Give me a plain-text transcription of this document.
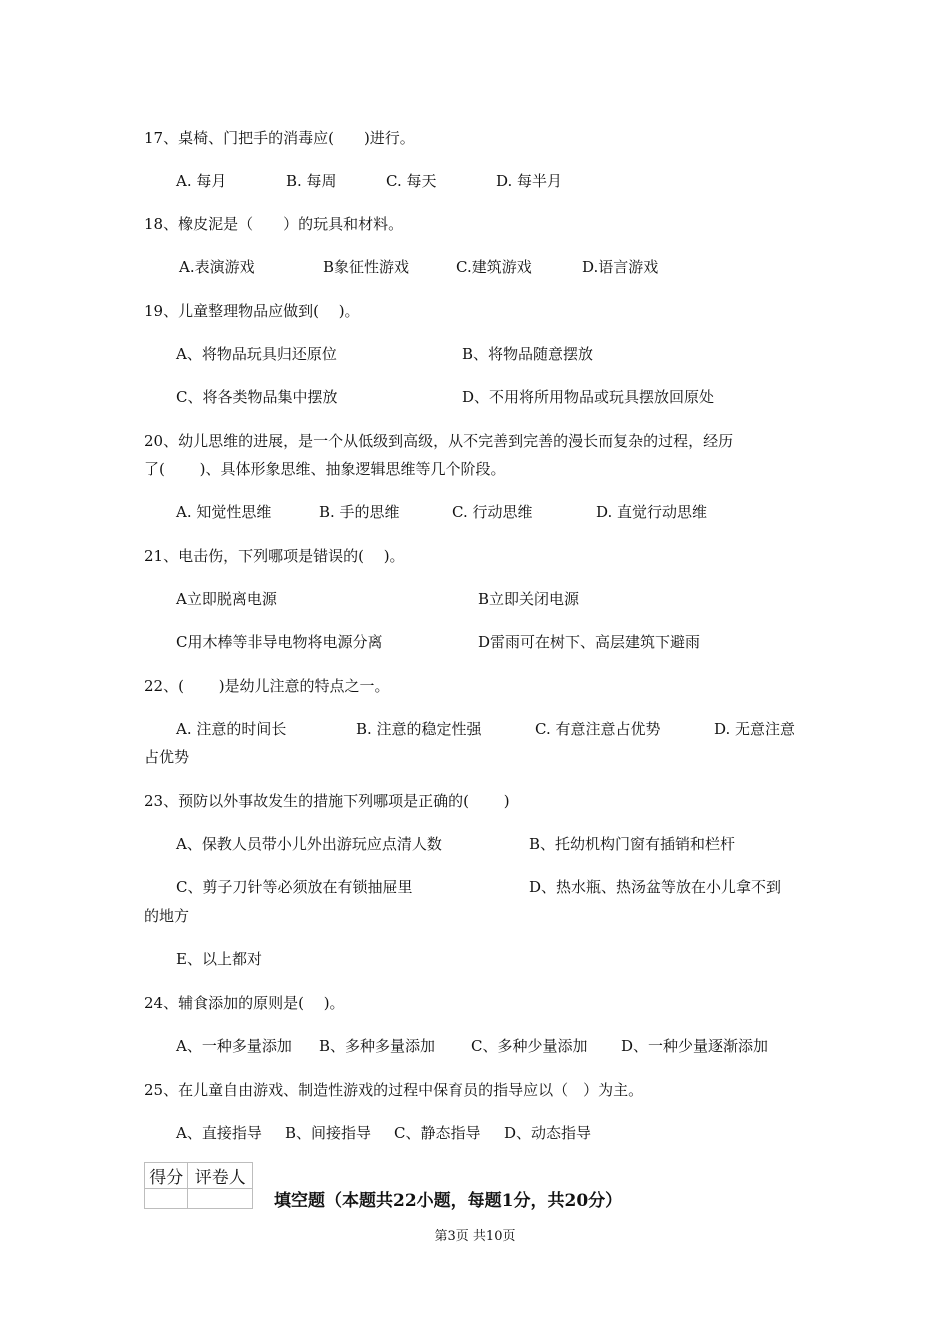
17、桌椅、门把手的消毒应(　　)进行。
A. 每月	B. 每周	C. 每天	D. 每半月
18、橡皮泥是（　　）的玩具和材料。
A.表演游戏	B象征性游戏	C.建筑游戏	D.语言游戏
19、儿童整理物品应做到(　 )。
A、将物品玩具归还原位	B、将物品随意摆放
C、将各类物品集中摆放	D、不用将所用物品或玩具摆放回原处
20、幼儿思维的进展，是一个从低级到高级，从不完善到完善的漫长而复杂的过程，经历
了(　　 )、具体形象思维、抽象逻辑思维等几个阶段。
A. 知觉性思维	B. 手的思维	C. 行动思维	D. 直觉行动思维
21、电击伤，下列哪项是错误的(　 )。
A立即脱离电源	B立即关闭电源
C用木棒等非导电物将电源分离	D雷雨可在树下、高层建筑下避雨
22、(　　 )是幼儿注意的特点之一。
A. 注意的时间长	B. 注意的稳定性强	C. 有意注意占优势	D. 无意注意
占优势
23、预防以外事故发生的措施下列哪项是正确的(　　 )
A、保教人员带小儿外出游玩应点清人数	B、托幼机构门窗有插销和栏杆
C、剪子刀针等必须放在有锁抽屉里	D、热水瓶、热汤盆等放在小儿拿不到
的地方
E、以上都对
24、辅食添加的原则是(　 )。
A、一种多量添加 B、多种多量添加 C、多种少量添加 D、一种少量逐渐添加
25、在儿童自由游戏、制造性游戏的过程中保育员的指导应以（　）为主。
A、直接指导 B、间接指导 C、静态指导 D、动态指导
得分	评卷人

填空题（本题共22小题，每题1分，共20分）
第3页 共10页
